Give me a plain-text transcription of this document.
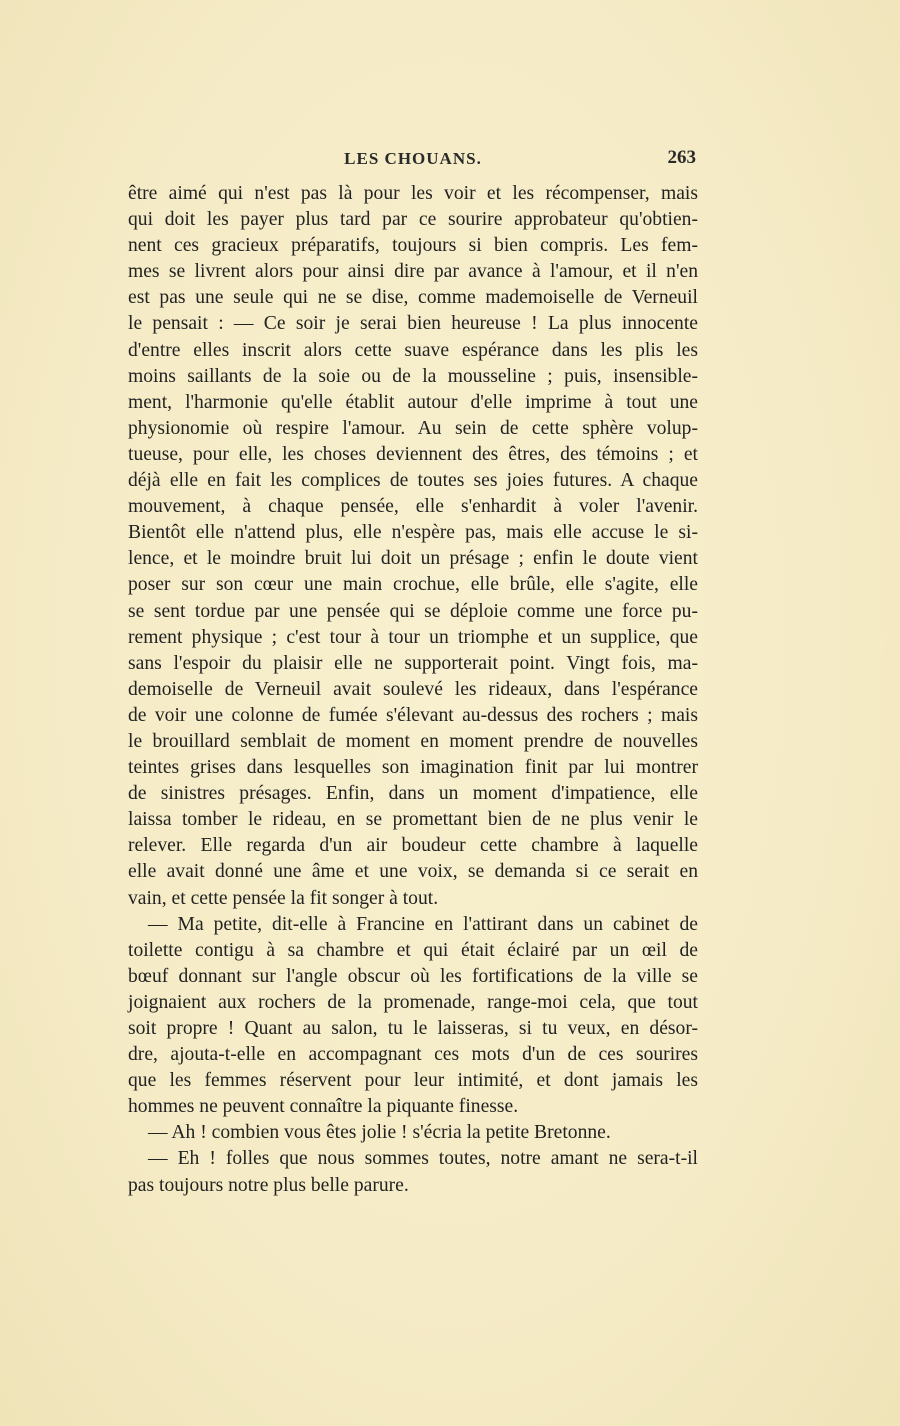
LES CHOUANS.	263
être aimé qui n'est pas là pour les voir et les récompenser, mais
qui doit les payer plus tard par ce sourire approbateur qu'obtien-
nent ces gracieux préparatifs, toujours si bien compris. Les fem-
mes se livrent alors pour ainsi dire par avance à l'amour, et il n'en
est pas une seule qui ne se dise, comme mademoiselle de Verneuil
le pensait : — Ce soir je serai bien heureuse ! La plus innocente
d'entre elles inscrit alors cette suave espérance dans les plis les
moins saillants de la soie ou de la mousseline ; puis, insensible-
ment, l'harmonie qu'elle établit autour d'elle imprime à tout une
physionomie où respire l'amour. Au sein de cette sphère volup-
tueuse, pour elle, les choses deviennent des êtres, des témoins ; et
déjà elle en fait les complices de toutes ses joies futures. A chaque
mouvement, à chaque pensée, elle s'enhardit à voler l'avenir.
Bientôt elle n'attend plus, elle n'espère pas, mais elle accuse le si-
lence, et le moindre bruit lui doit un présage ; enfin le doute vient
poser sur son cœur une main crochue, elle brûle, elle s'agite, elle
se sent tordue par une pensée qui se déploie comme une force pu-
rement physique ; c'est tour à tour un triomphe et un supplice, que
sans l'espoir du plaisir elle ne supporterait point. Vingt fois, ma-
demoiselle de Verneuil avait soulevé les rideaux, dans l'espérance
de voir une colonne de fumée s'élevant au-dessus des rochers ; mais
le brouillard semblait de moment en moment prendre de nouvelles
teintes grises dans lesquelles son imagination finit par lui montrer
de sinistres présages. Enfin, dans un moment d'impatience, elle
laissa tomber le rideau, en se promettant bien de ne plus venir le
relever. Elle regarda d'un air boudeur cette chambre à laquelle
elle avait donné une âme et une voix, se demanda si ce serait en
vain, et cette pensée la fit songer à tout.
— Ma petite, dit-elle à Francine en l'attirant dans un cabinet de
toilette contigu à sa chambre et qui était éclairé par un œil de
bœuf donnant sur l'angle obscur où les fortifications de la ville se
joignaient aux rochers de la promenade, range-moi cela, que tout
soit propre ! Quant au salon, tu le laisseras, si tu veux, en désor-
dre, ajouta-t-elle en accompagnant ces mots d'un de ces sourires
que les femmes réservent pour leur intimité, et dont jamais les
hommes ne peuvent connaître la piquante finesse.
— Ah ! combien vous êtes jolie ! s'écria la petite Bretonne.
— Eh ! folles que nous sommes toutes, notre amant ne sera-t-il
pas toujours notre plus belle parure.
